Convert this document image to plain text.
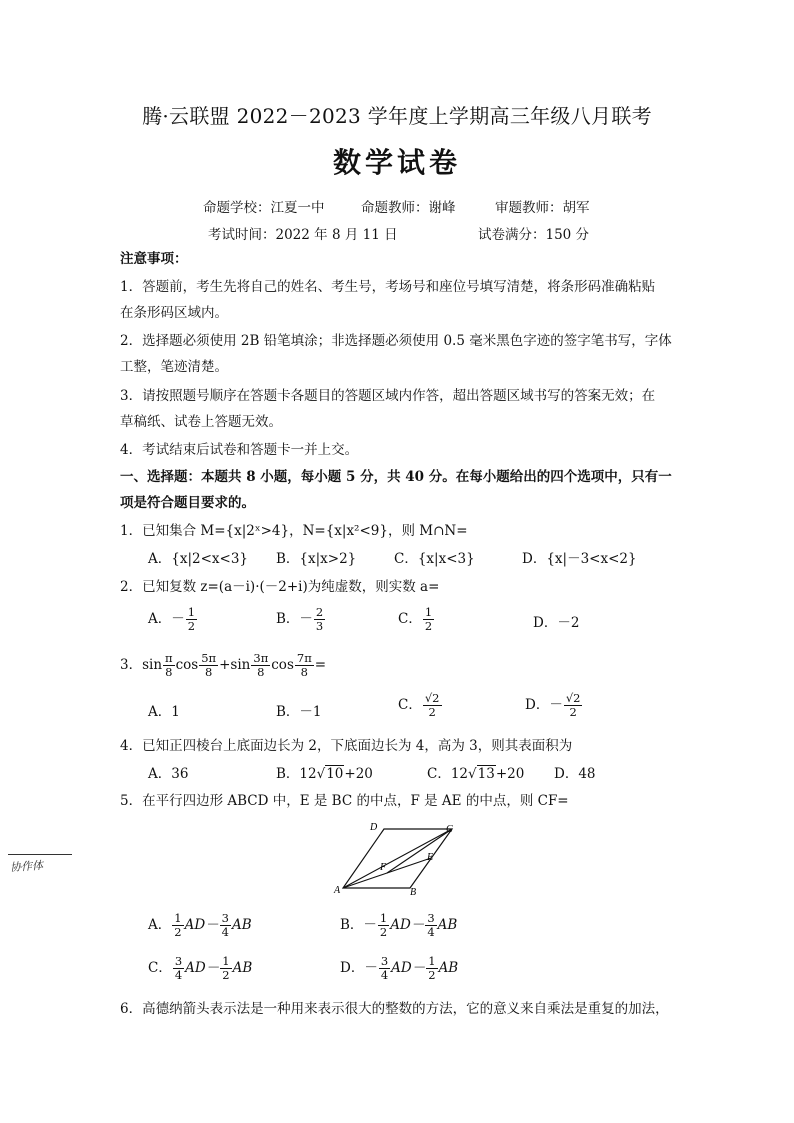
腾·云联盟 2022－2023 学年度上学期高三年级八月联考
数学试卷
命题学校：江夏一中	命题教师：谢峰	审题教师：胡军
考试时间：2022 年 8 月 11 日	试卷满分：150 分
注意事项：
1．答题前，考生先将自己的姓名、考生号，考场号和座位号填写清楚，将条形码准确粘贴
在条形码区域内。
2．选择题必须使用 2B 铅笔填涂；非选择题必须使用 0.5 毫米黑色字迹的签字笔书写，字体
工整，笔迹清楚。
3．请按照题号顺序在答题卡各题目的答题区域内作答，超出答题区域书写的答案无效；在
草稿纸、试卷上答题无效。
4．考试结束后试卷和答题卡一并上交。
一、选择题：本题共 8 小题，每小题 5 分，共 40 分。在每小题给出的四个选项中，只有一
项是符合题目要求的。
1．已知集合 M={x|2ˣ>4}，N={x|x²<9}，则 M∩N=
A．{x|2<x<3} B．{x|x>2}	C．{x|x<3}	D．{x|－3<x<2}
2．已知复数 z=(a－i)·(－2+i)为纯虚数，则实数 a=
A．－ $\frac{1}{2}$	B．－ $\frac{2}{3}$	C． $\frac{1}{2}$	D．－2
3．$\sin \frac{\pi}{8}$ $\cos \frac{5\pi}{8} +\sin \frac{3\pi}{8}$ $\cos \frac{7\pi}{8}$ =
A．1	B．－1	C． $\frac{√2}{2}$	D．－ $\frac{√2}{2}$
4．已知正四棱台上底面边长为 2，下底面边长为 4，高为 3，则其表面积为
A．36	B．12√10+20	C．12√13+20 D．48
5．在平行四边形 ABCD 中，E 是 BC 的中点，F 是 AE 的中点，则 CF=
A	B
C
D
E
F
A． $\frac{1}{2} AD- \frac{3}{4}$ AB	B．－ $\frac{1}{2} AD- \frac{3}{4}$ AB
C． $\frac{3}{4} AD- \frac{1}{2}$ AB	D．－ $\frac{3}{4} AD- \frac{1}{2}$ AB
6．高德纳箭头表示法是一种用来表示很大的整数的方法，它的意义来自乘法是重复的加法，
协作体
